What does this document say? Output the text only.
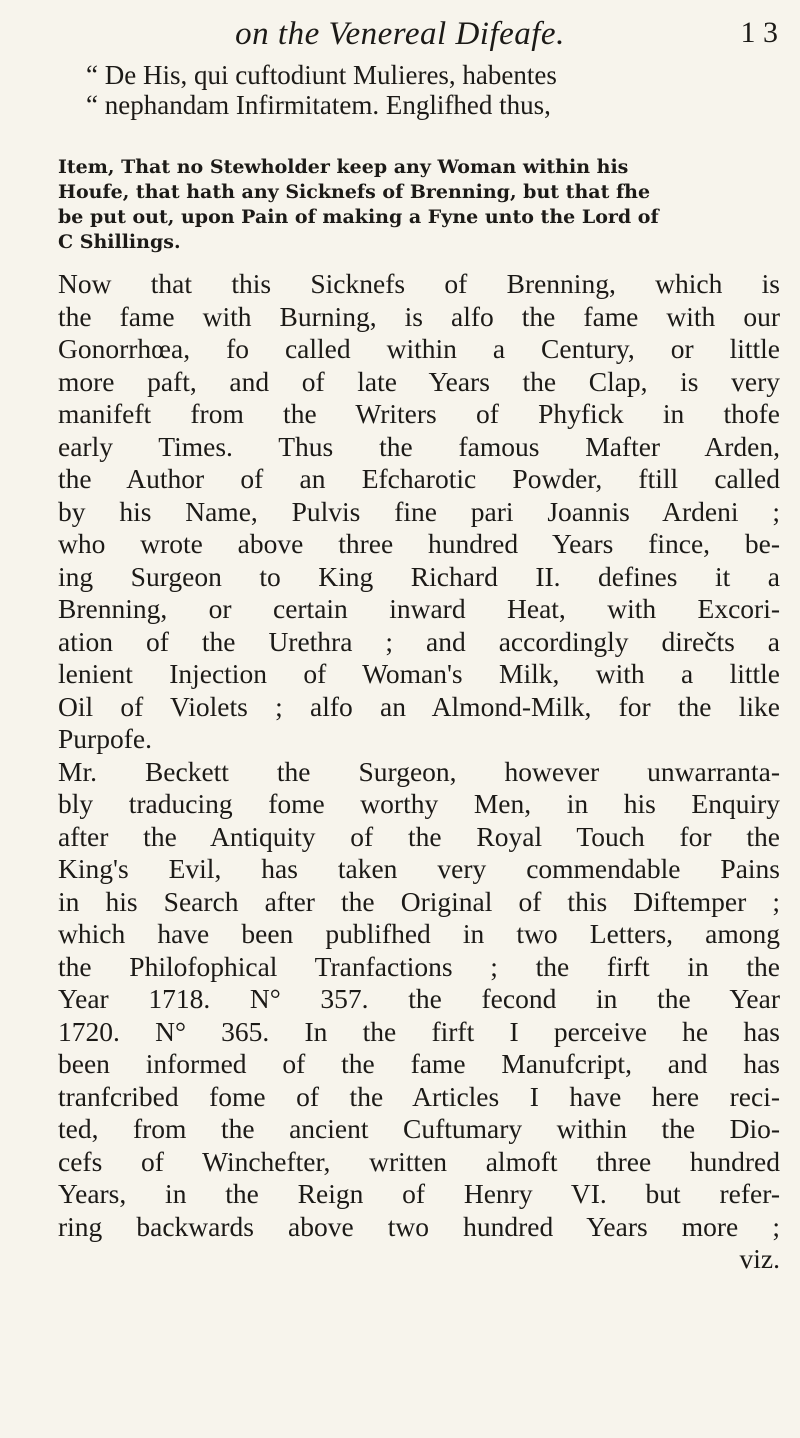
on the Venereal Difeafe.	1 3
“ De His, qui cuftodiunt Mulieres, habentes
“ nephandam Infirmitatem. Englifhed thus,
Item, That no Stewholder keep any Woman within his
Houfe, that hath any Sicknefs of Brenning, but that fhe
be put out, upon Pain of making a Fyne unto the Lord of
C Shillings.
Now that this Sicknefs of Brenning, which is
the fame with Burning, is alfo the fame with our
Gonorrhœa, fo called within a Century, or little
more paft, and of late Years the Clap, is very
manifeft from the Writers of Phyfick in thofe
early Times. Thus the famous Mafter Arden,
the Author of an Efcharotic Powder, ftill called
by his Name, Pulvis fine pari Joannis Ardeni ;
who wrote above three hundred Years fince, be-
ing Surgeon to King Richard II. defines it a
Brenning, or certain inward Heat, with Excori-
ation of the Urethra ; and accordingly direčts a
lenient Injection of Woman's Milk, with a little
Oil of Violets ; alfo an Almond-Milk, for the like
Purpofe.
Mr. Beckett the Surgeon, however unwarranta-
bly traducing fome worthy Men, in his Enquiry
after the Antiquity of the Royal Touch for the
King's Evil, has taken very commendable Pains
in his Search after the Original of this Diftemper ;
which have been publifhed in two Letters, among
the Philofophical Tranfactions ; the firft in the
Year 1718. N° 357. the fecond in the Year
1720. N° 365. In the firft I perceive he has
been informed of the fame Manufcript, and has
tranfcribed fome of the Articles I have here reci-
ted, from the ancient Cuftumary within the Dio-
cefs of Winchefter, written almoft three hundred
Years, in the Reign of Henry VI. but refer-
ring backwards above two hundred Years more ;
viz.
